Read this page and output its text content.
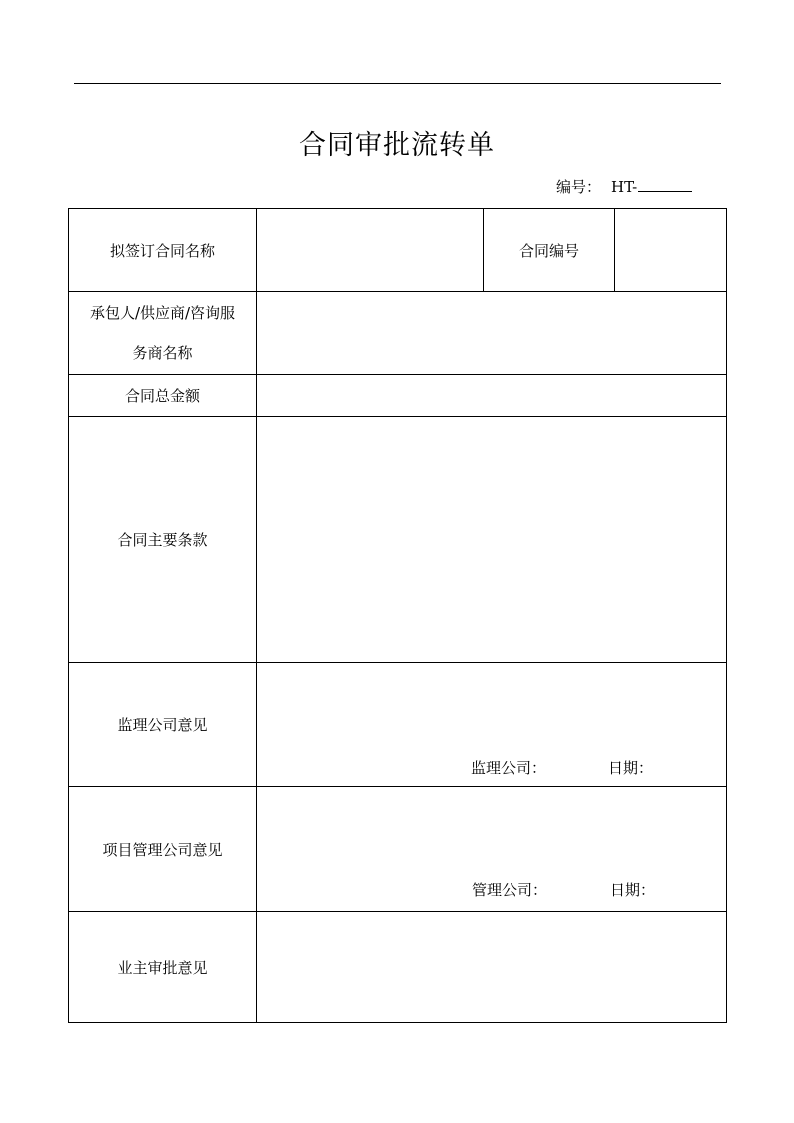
合同审批流转单
编号： HT-
拟签订合同名称		合同编号	

承包人/供应商/咨询服
务商名称			

合同总金额			
合同主要条款			
监理公司意见	监理公司： 日期：		

项目管理公司意见	管理公司： 日期：		

业主审批意见			
